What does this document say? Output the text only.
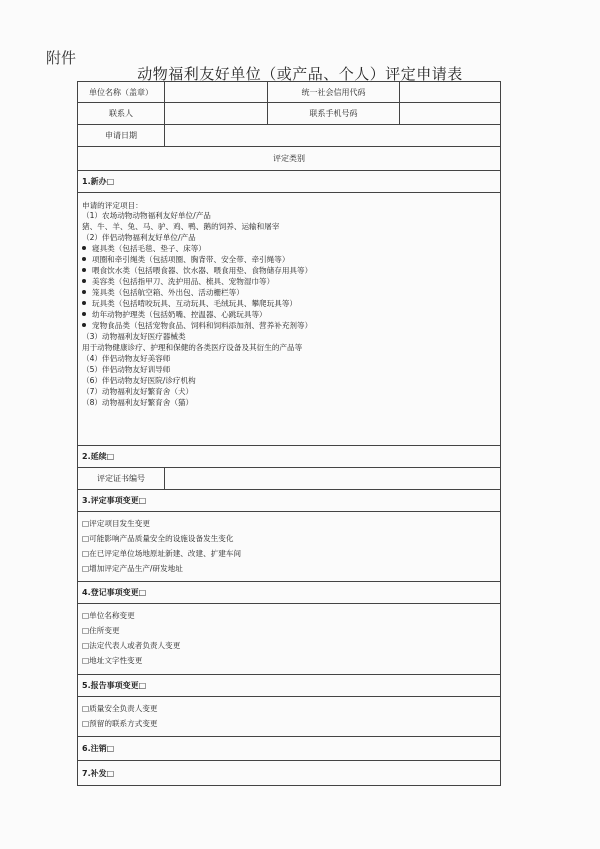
附件
动物福利友好单位（或产品、个人）评定申请表
单位名称（盖章）	统一社会信用代码
联系人	联系手机号码
申请日期
评定类别
1.新办□
申请的评定项目：
（1）农场动物动物福利友好单位/产品
猪、牛、羊、兔、马、驴、鸡、鸭、鹅的饲养、运输和屠宰
（2）伴侣动物福利友好单位/产品
寝具类（包括毛毯、垫子、床等）
项圈和牵引绳类（包括项圈、胸背带、安全带、牵引绳等）
喂食饮水类（包括喂食器、饮水器、喂食用垫、食物储存用具等）
美容类（包括指甲刀、洗护用品、梳具、宠物湿巾等）
笼具类（包括航空箱、外出包、活动栅栏等）
玩具类（包括啃咬玩具、互动玩具、毛绒玩具、攀爬玩具等）
幼年动物护理类（包括奶嘴、控温器、心跳玩具等）
宠物食品类（包括宠物食品、饲料和饲料添加剂、营养补充剂等）
（3）动物福利友好医疗器械类
用于动物健康诊疗、护理和保健的各类医疗设备及其衍生的产品等
（4）伴侣动物友好美容师
（5）伴侣动物友好训导师
（6）伴侣动物友好医院/诊疗机构
（7）动物福利友好繁育舍（犬）
（8）动物福利友好繁育舍（猫）
2.延续□
评定证书编号
3.评定事项变更□
□评定项目发生变更
□可能影响产品质量安全的设施设备发生变化
□在已评定单位场地原址新建、改建、扩建车间
□增加评定产品生产/研发地址
4.登记事项变更□
□单位名称变更
□住所变更
□法定代表人或者负责人变更
□地址文字性变更
5.报告事项变更□
□质量安全负责人变更
□预留的联系方式变更
6.注销□
7.补发□
